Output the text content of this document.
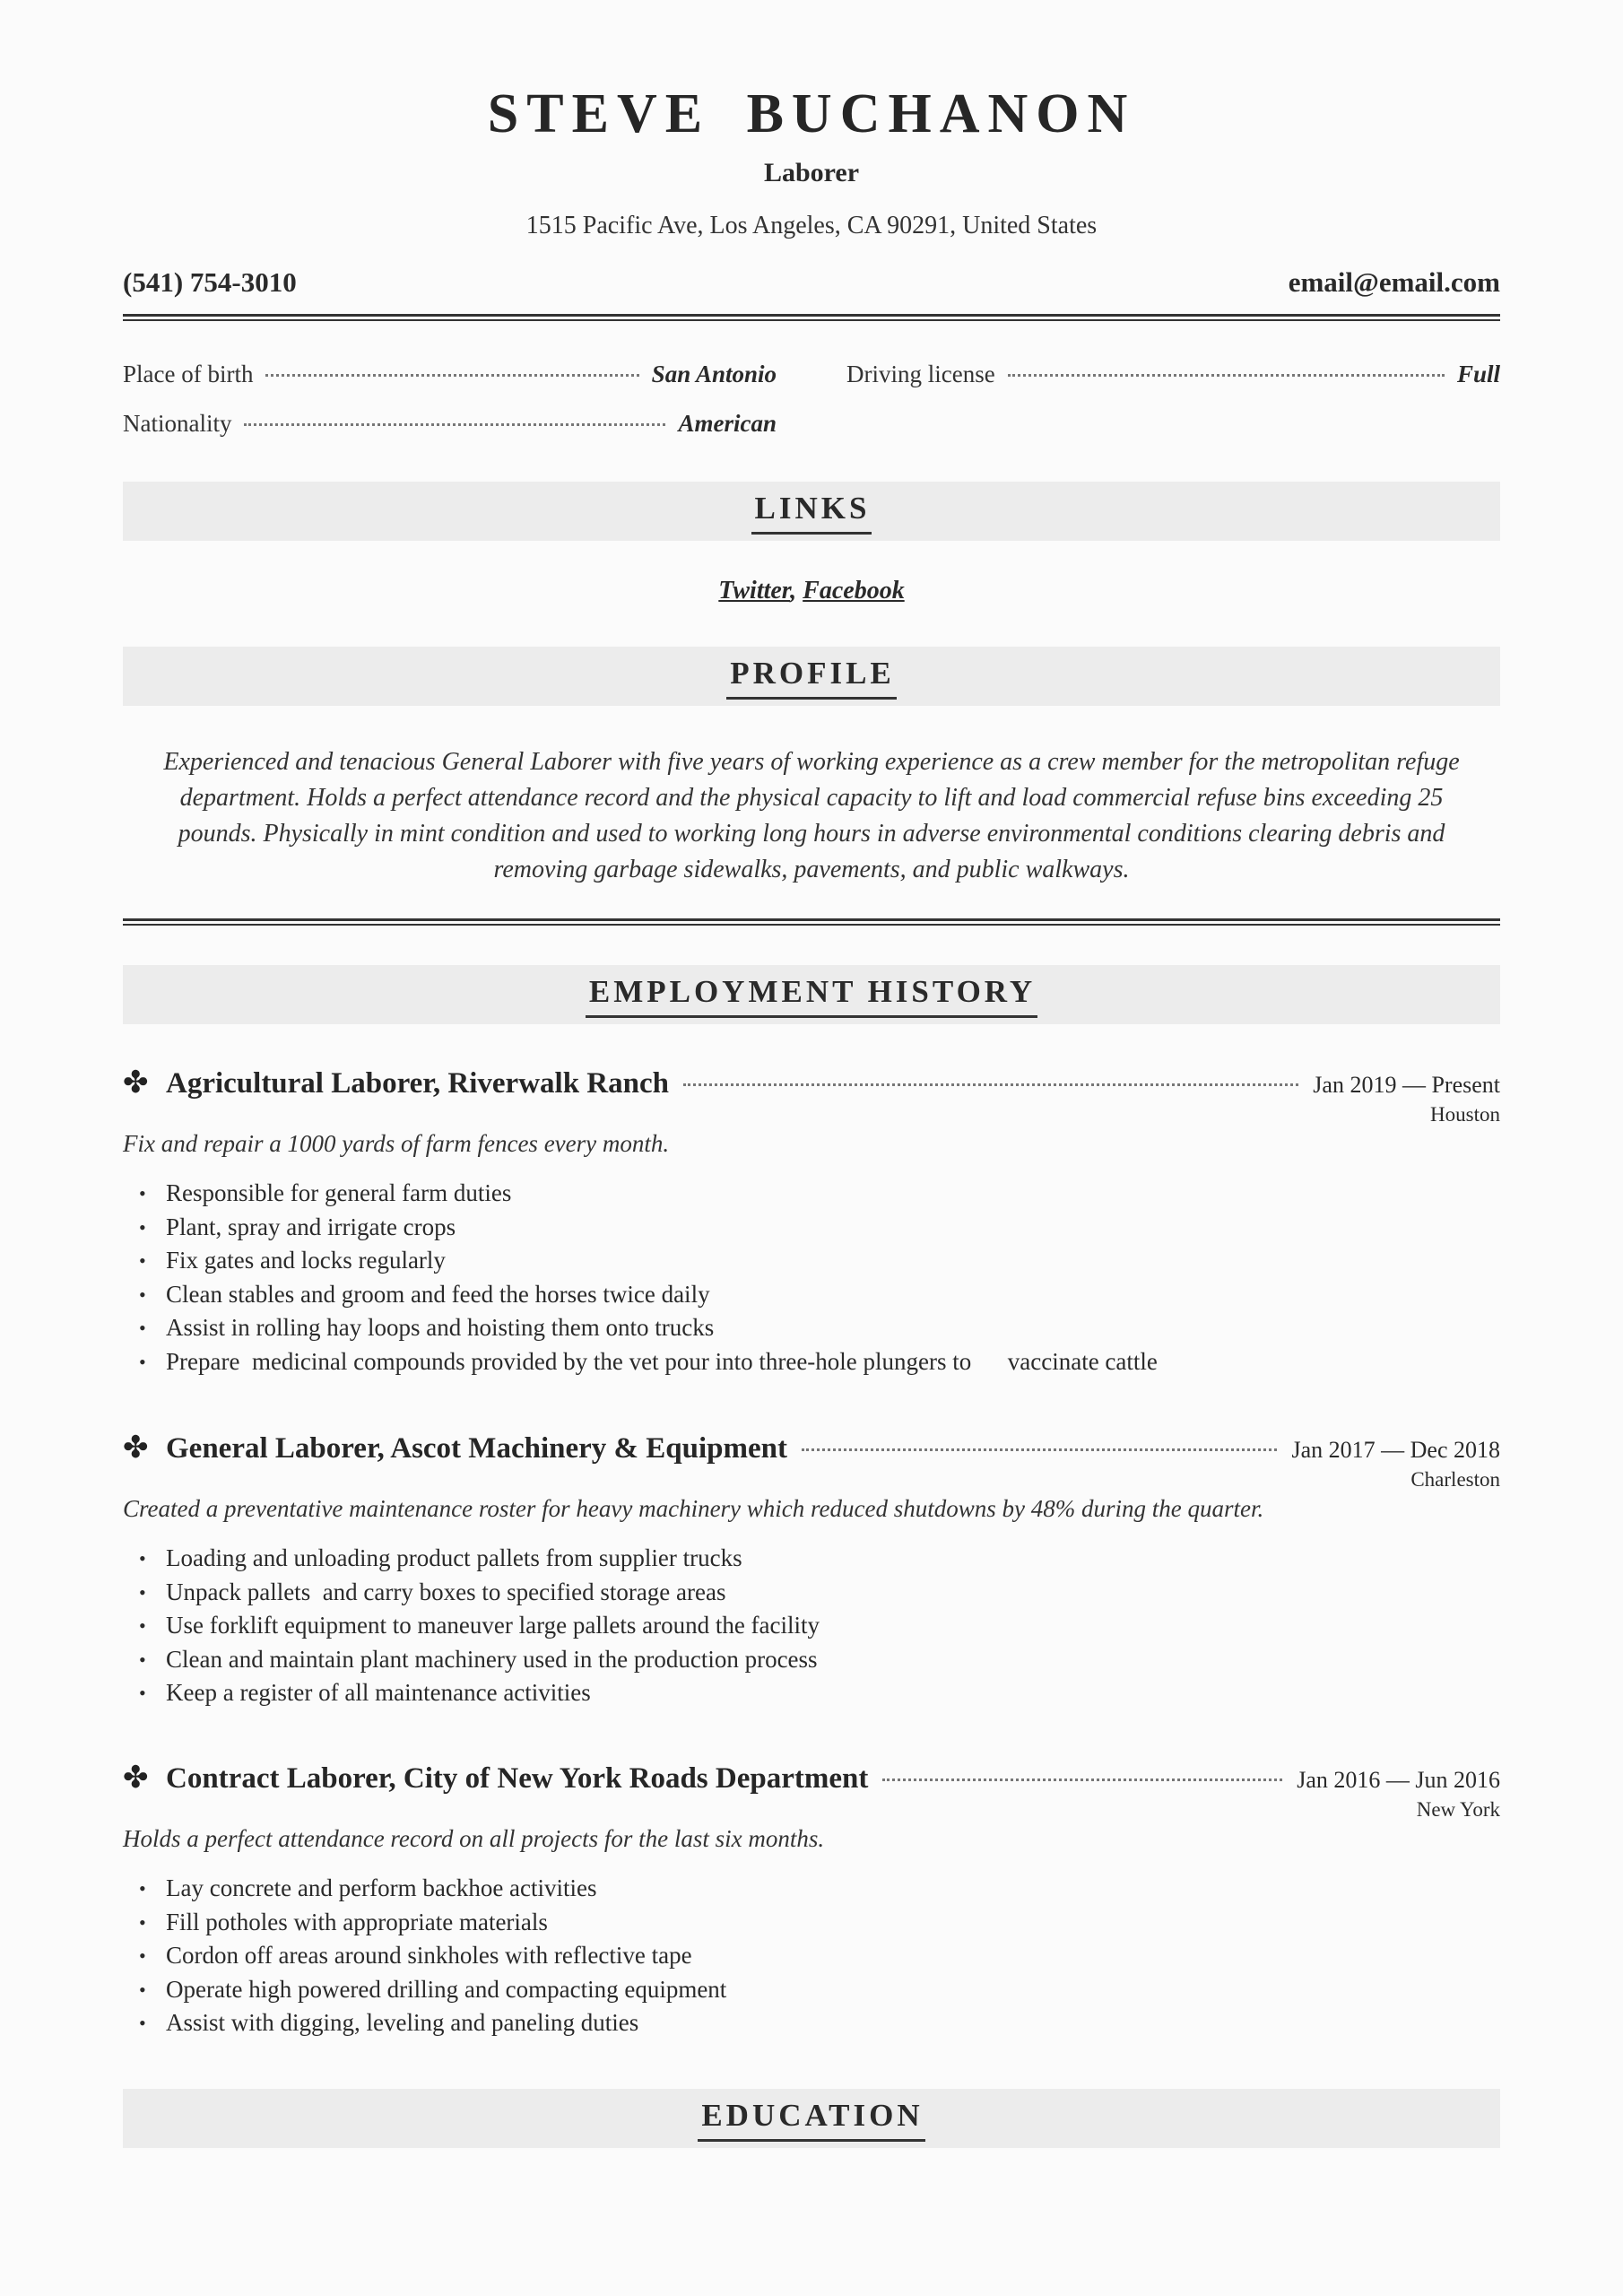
STEVE BUCHANON
Laborer
1515 Pacific Ave, Los Angeles, CA 90291, United States
(541) 754-3010	email@email.com
Place of birth	San Antonio	Driving license	Full
Nationality	American
LINKS
Twitter, Facebook
PROFILE
Experienced and tenacious General Laborer with five years of working experience as a crew member for the metropolitan refuge department. Holds a perfect attendance record and the physical capacity to lift and load commercial refuse bins exceeding 25 pounds. Physically in mint condition and used to working long hours in adverse environmental conditions clearing debris and removing garbage sidewalks, pavements, and public walkways.
EMPLOYMENT HISTORY
✤ Agricultural Laborer, Riverwalk Ranch	Jan 2019 — Present
Houston
Fix and repair a 1000 yards of farm fences every month.
• Responsible for general farm duties
• Plant, spray and irrigate crops
• Fix gates and locks regularly
• Clean stables and groom and feed the horses twice daily
• Assist in rolling hay loops and hoisting them onto trucks
• Prepare  medicinal compounds provided by the vet pour into three-hole plungers to      vaccinate cattle
✤ General Laborer, Ascot Machinery & Equipment	Jan 2017 — Dec 2018
Charleston
Created a preventative maintenance roster for heavy machinery which reduced shutdowns by 48% during the quarter.
• Loading and unloading product pallets from supplier trucks
• Unpack pallets  and carry boxes to specified storage areas
• Use forklift equipment to maneuver large pallets around the facility
• Clean and maintain plant machinery used in the production process
• Keep a register of all maintenance activities
✤ Contract Laborer, City of New York Roads Department	Jan 2016 — Jun 2016
New York
Holds a perfect attendance record on all projects for the last six months.
• Lay concrete and perform backhoe activities
• Fill potholes with appropriate materials
• Cordon off areas around sinkholes with reflective tape
• Operate high powered drilling and compacting equipment
• Assist with digging, leveling and paneling duties
EDUCATION
